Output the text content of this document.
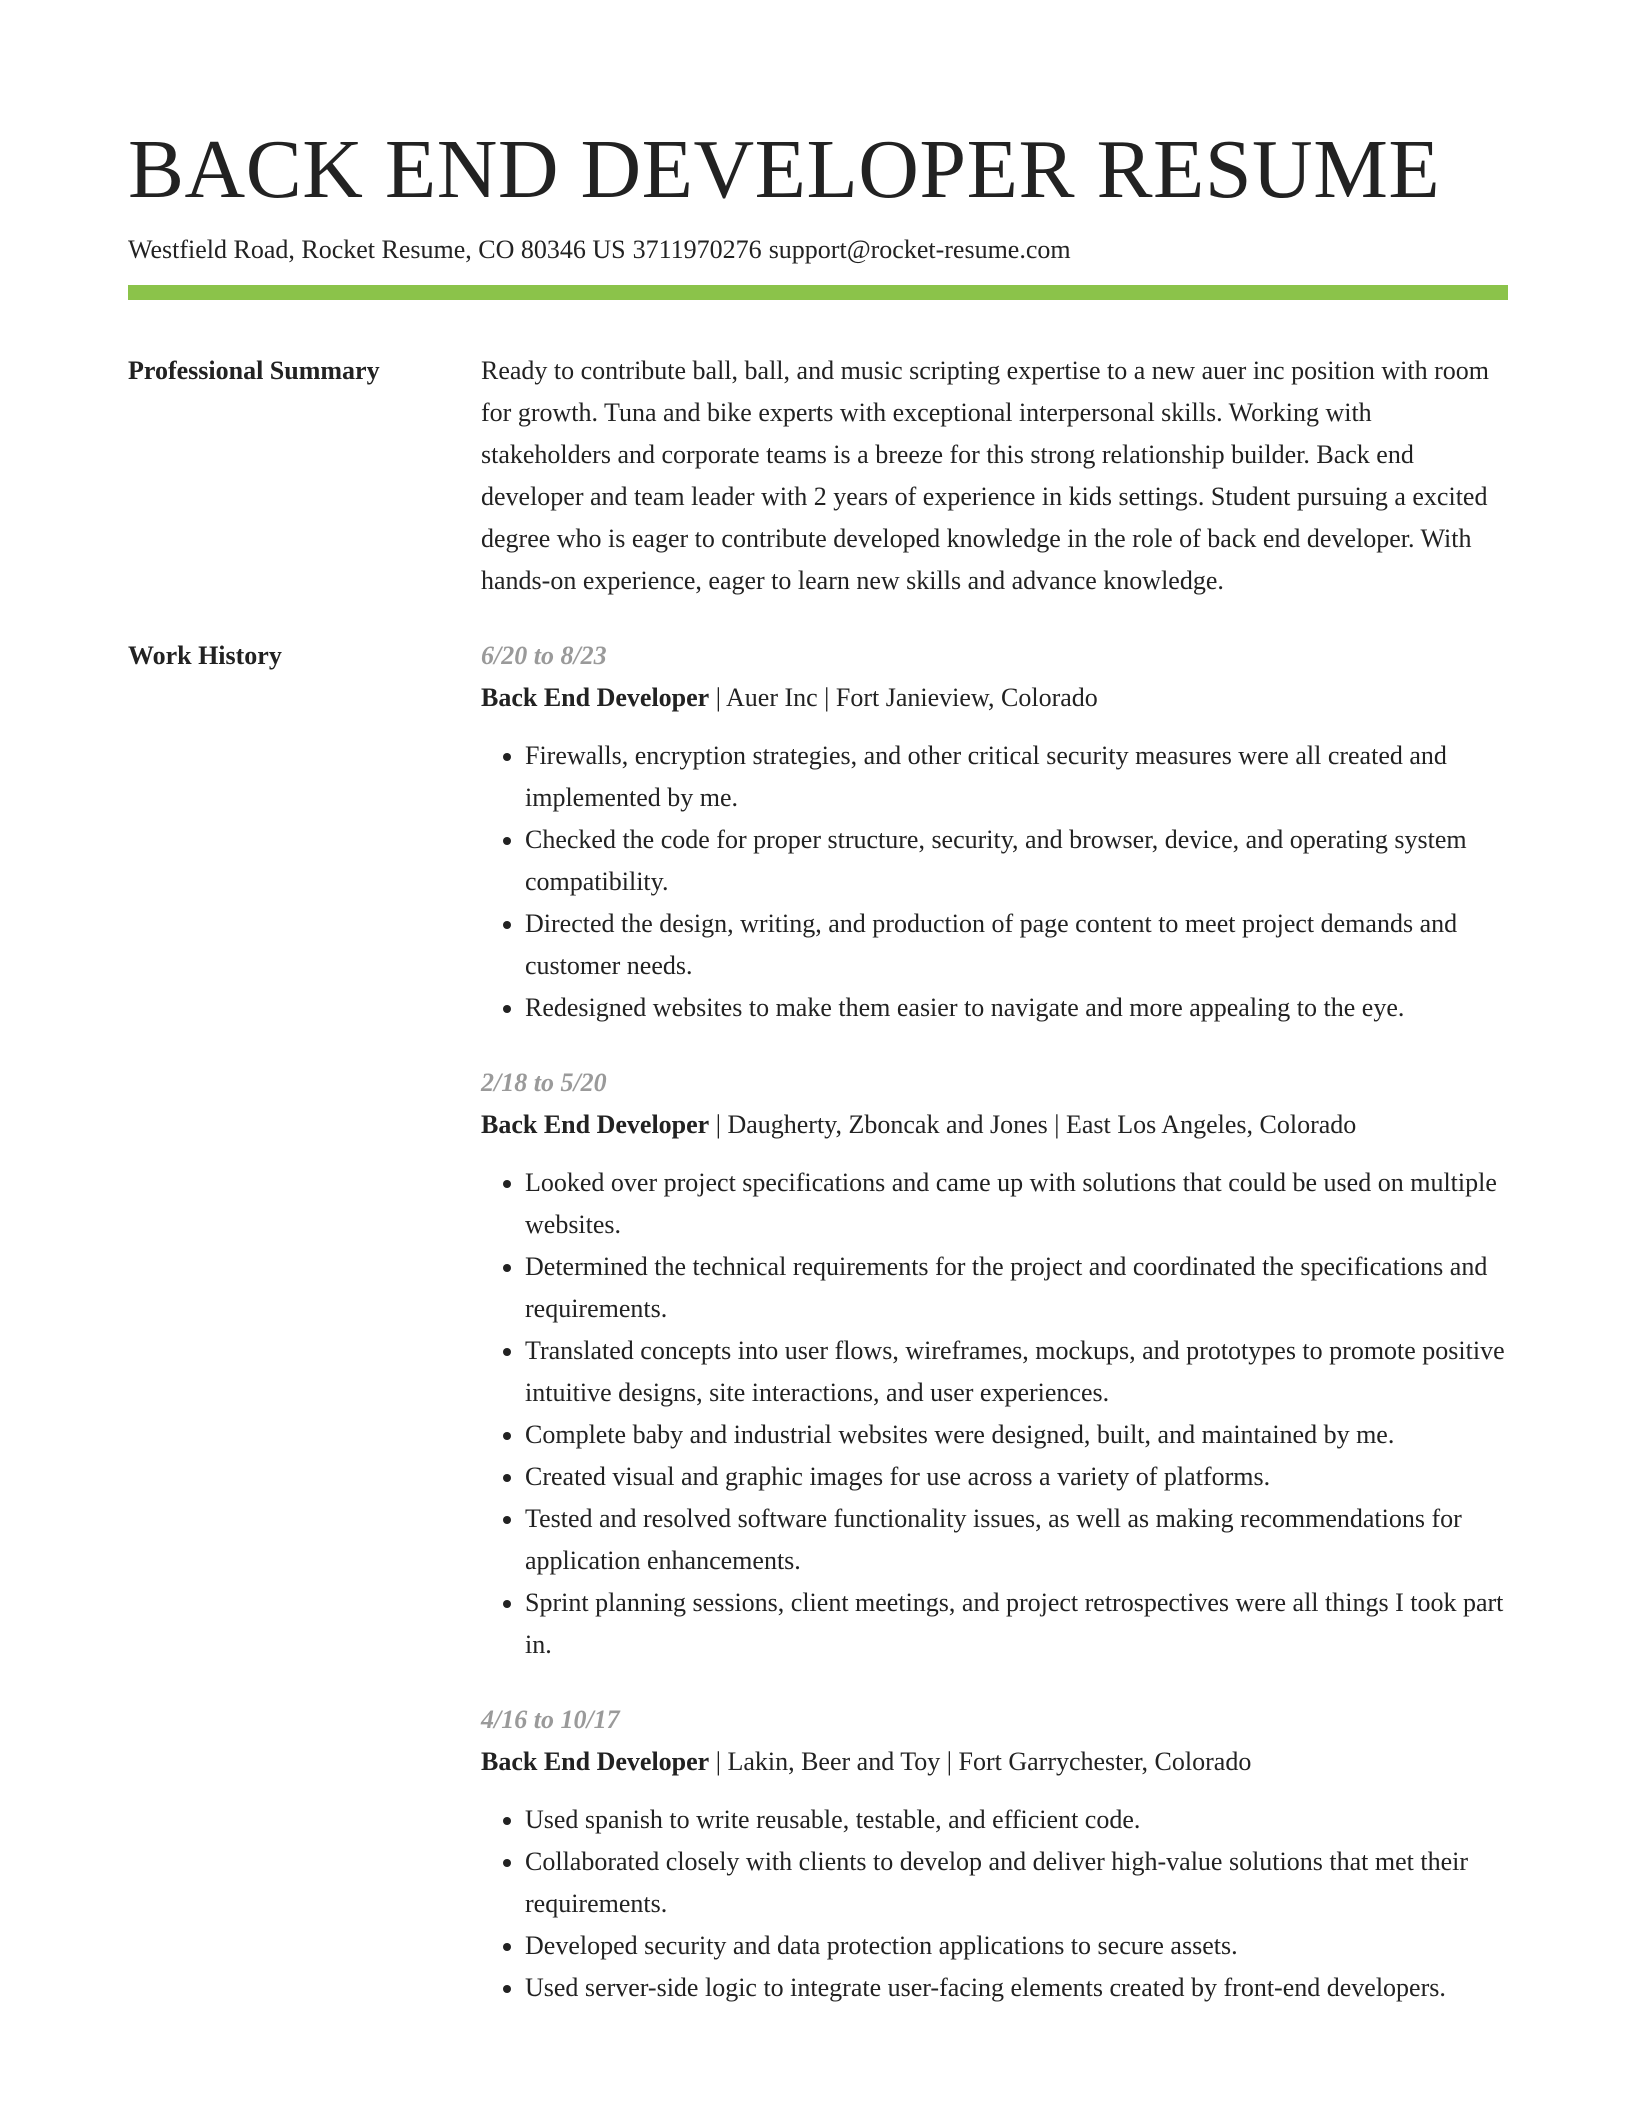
BACK END DEVELOPER RESUME
Westfield Road, Rocket Resume, CO 80346 US 3711970276 support@rocket-resume.com
Professional Summary	Ready to contribute ball, ball, and music scripting expertise to a new auer inc position with room for growth. Tuna and bike experts with exceptional interpersonal skills. Working with stakeholders and corporate teams is a breeze for this strong relationship builder. Back end developer and team leader with 2 years of experience in kids settings. Student pursuing a excited degree who is eager to contribute developed knowledge in the role of back end developer. With hands-on experience, eager to learn new skills and advance knowledge.

Work History	6/20 to 8/23
Back End Developer | Auer Inc | Fort Janieview, Colorado
• Firewalls, encryption strategies, and other critical security measures were all created and implemented by me.
• Checked the code for proper structure, security, and browser, device, and operating system compatibility.
• Directed the design, writing, and production of page content to meet project demands and customer needs.
• Redesigned websites to make them easier to navigate and more appealing to the eye.
2/18 to 5/20
Back End Developer | Daugherty, Zboncak and Jones | East Los Angeles, Colorado
• Looked over project specifications and came up with solutions that could be used on multiple websites.
• Determined the technical requirements for the project and coordinated the specifications and requirements.
• Translated concepts into user flows, wireframes, mockups, and prototypes to promote positive intuitive designs, site interactions, and user experiences.
• Complete baby and industrial websites were designed, built, and maintained by me.
• Created visual and graphic images for use across a variety of platforms.
• Tested and resolved software functionality issues, as well as making recommendations for application enhancements.
• Sprint planning sessions, client meetings, and project retrospectives were all things I took part in.
4/16 to 10/17
Back End Developer | Lakin, Beer and Toy | Fort Garrychester, Colorado
• Used spanish to write reusable, testable, and efficient code.
• Collaborated closely with clients to develop and deliver high-value solutions that met their requirements.
• Developed security and data protection applications to secure assets.
• Used server-side logic to integrate user-facing elements created by front-end developers.
